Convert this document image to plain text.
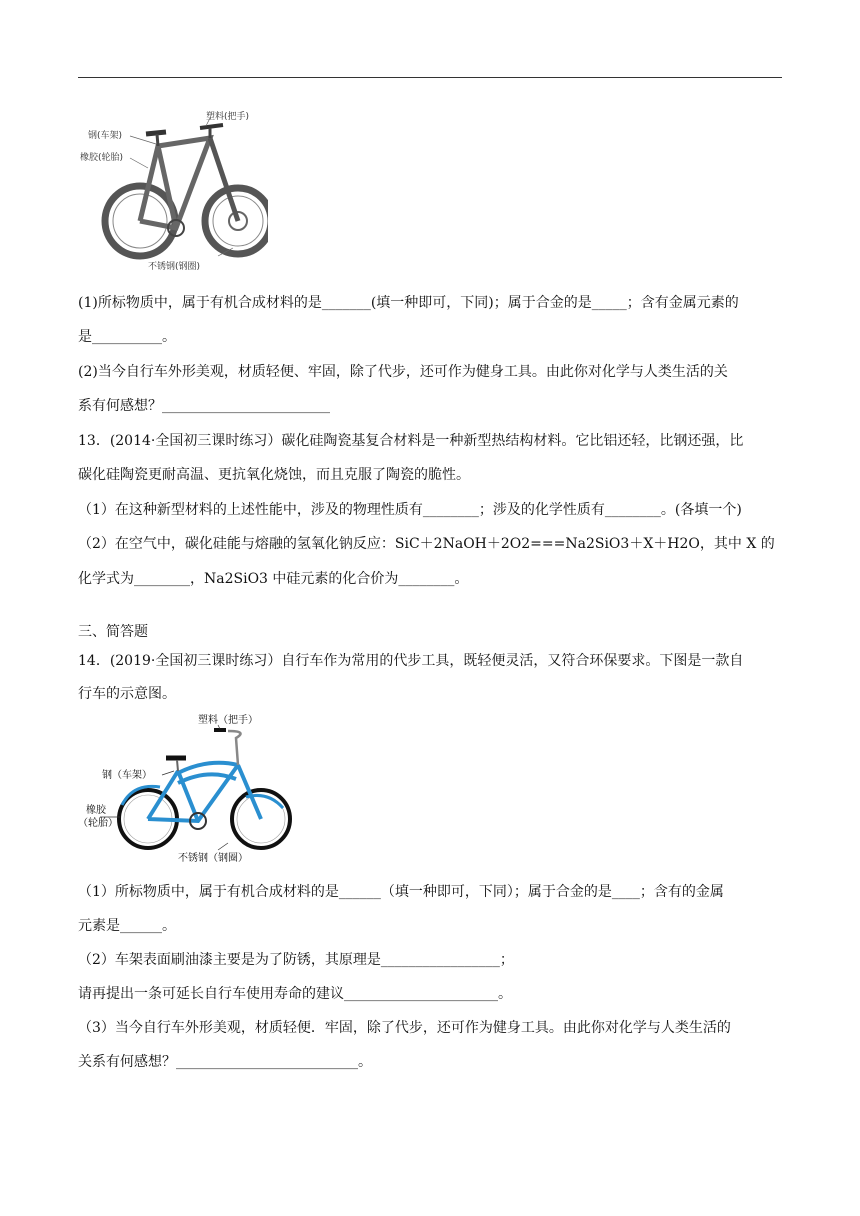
塑料(把手)
钢(车架)
橡胶(轮胎)
不锈钢(钢圈)
(1)所标物质中，属于有机合成材料的是_______(填一种即可，下同)；属于合金的是_____；含有金属元素的
是__________。
(2)当今自行车外形美观，材质轻便、牢固，除了代步，还可作为健身工具。由此你对化学与人类生活的关
系有何感想？________________________
13．(2014·全国初三课时练习）碳化硅陶瓷基复合材料是一种新型热结构材料。它比铝还轻，比钢还强，比
碳化硅陶瓷更耐高温、更抗氧化烧蚀，而且克服了陶瓷的脆性。
（1）在这种新型材料的上述性能中，涉及的物理性质有________；涉及的化学性质有________。(各填一个)
（2）在空气中，碳化硅能与熔融的氢氧化钠反应：SiC＋2NaOH＋2O2===Na2SiO3＋X＋H2O，其中 X 的
化学式为________，Na2SiO3 中硅元素的化合价为________。
三、简答题
14．(2019·全国初三课时练习）自行车作为常用的代步工具，既轻便灵活，又符合环保要求。下图是一款自
行车的示意图。
塑料（把手）
钢（车架）
橡胶
（轮胎）
不锈钢（钢圈）
（1）所标物质中，属于有机合成材料的是______（填一种即可，下同）；属于合金的是____；含有的金属
元素是______。
（2）车架表面刷油漆主要是为了防锈，其原理是_________________；
请再提出一条可延长自行车使用寿命的建议______________________。
（3）当今自行车外形美观，材质轻便．牢固，除了代步，还可作为健身工具。由此你对化学与人类生活的
关系有何感想？__________________________。
